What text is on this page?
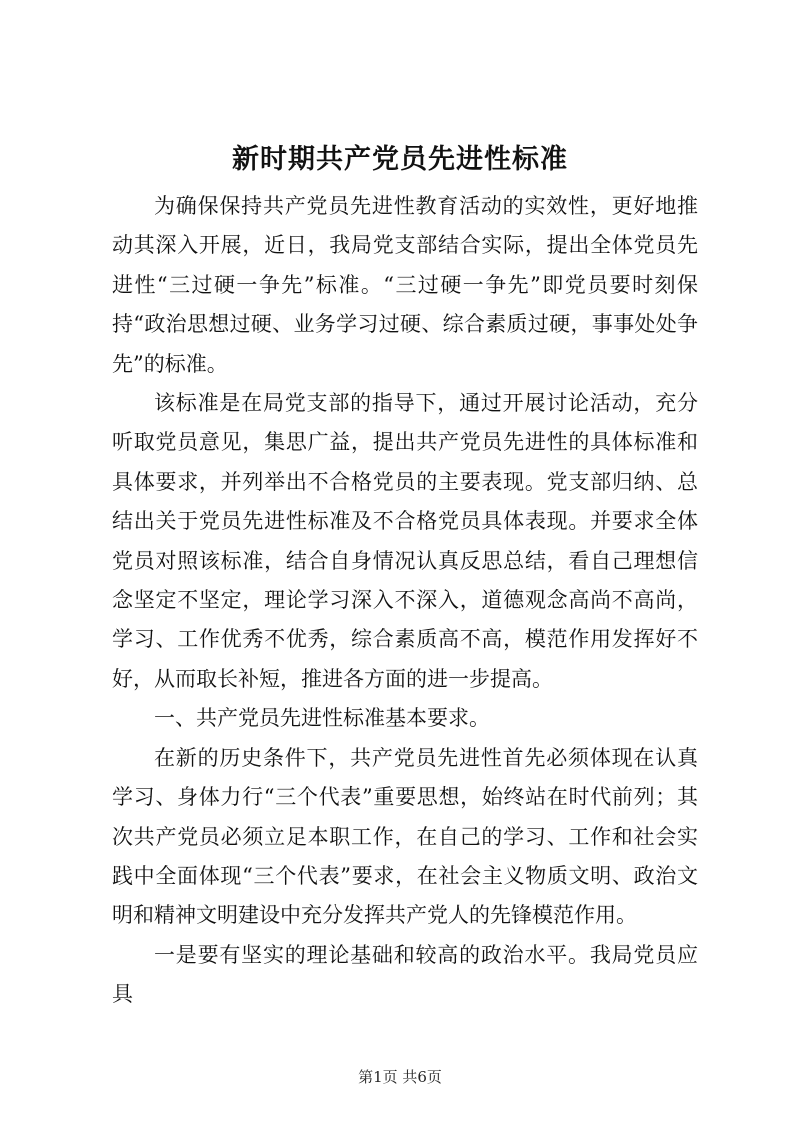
新时期共产党员先进性标准

为确保保持共产党员先进性教育活动的实效性，更好地推动其深入开展，近日，我局党支部结合实际，提出全体党员先进性“三过硬一争先”标准。“三过硬一争先”即党员要时刻保持“政治思想过硬、业务学习过硬、综合素质过硬，事事处处争先”的标准。

该标准是在局党支部的指导下，通过开展讨论活动，充分听取党员意见，集思广益，提出共产党员先进性的具体标准和具体要求，并列举出不合格党员的主要表现。党支部归纳、总结出关于党员先进性标准及不合格党员具体表现。并要求全体党员对照该标准，结合自身情况认真反思总结，看自己理想信念坚定不坚定，理论学习深入不深入，道德观念高尚不高尚，学习、工作优秀不优秀，综合素质高不高，模范作用发挥好不好，从而取长补短，推进各方面的进一步提高。

一、共产党员先进性标准基本要求。

在新的历史条件下，共产党员先进性首先必须体现在认真学习、身体力行“三个代表”重要思想，始终站在时代前列；其次共产党员必须立足本职工作，在自己的学习、工作和社会实践中全面体现“三个代表”要求，在社会主义物质文明、政治文明和精神文明建设中充分发挥共产党人的先锋模范作用。

一是要有坚实的理论基础和较高的政治水平。我局党员应具

第1页 共6页
